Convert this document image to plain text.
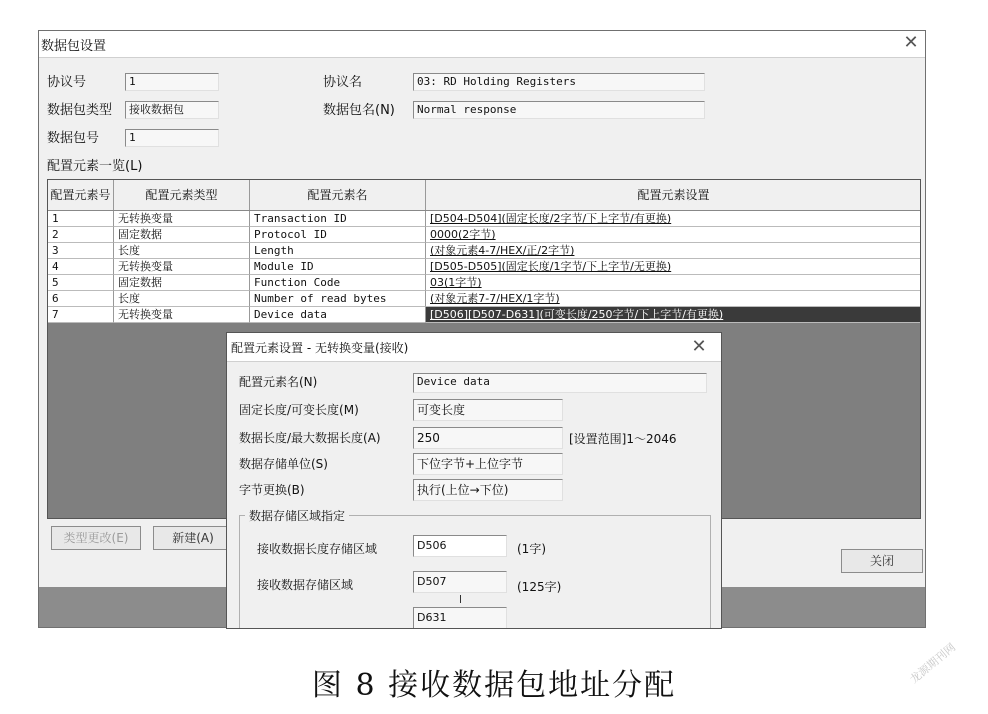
数据包设置	✕
协议号	1	协议名	03: RD Holding Registers
数据包类型	接收数据包	数据包名(N)	Normal response
数据包号	1
配置元素一览(L)
配置元素号	配置元素类型	配置元素名	配置元素设置
1	无转换变量	Transaction ID	[D504-D504](固定长度/2字节/下上字节/有更换)
2	固定数据	Protocol ID	0000(2字节)
3	长度	Length	(对象元素4-7/HEX/正/2字节)
4	无转换变量	Module ID	[D505-D505](固定长度/1字节/下上字节/无更换)
5	固定数据	Function Code	03(1字节)
6	长度	Number of read bytes	(对象元素7-7/HEX/1字节)
7	无转换变量	Device data	[D506][D507-D631](可变长度/250字节/下上字节/有更换)
类型更改(E)	新建(A)
关闭
配置元素设置 - 无转换变量(接收)	✕
配置元素名(N)	Device data
固定长度/可变长度(M)	可变长度
数据长度/最大数据长度(A)	250	[设置范围]1～2046
数据存储单位(S)	下位字节+上位字节
字节更换(B)	执行(上位→下位)
数据存储区域指定
接收数据长度存储区域	D506	(1字)
接收数据存储区域	D507	(125字)
D631
图 8 接收数据包地址分配	龙源期刊网
